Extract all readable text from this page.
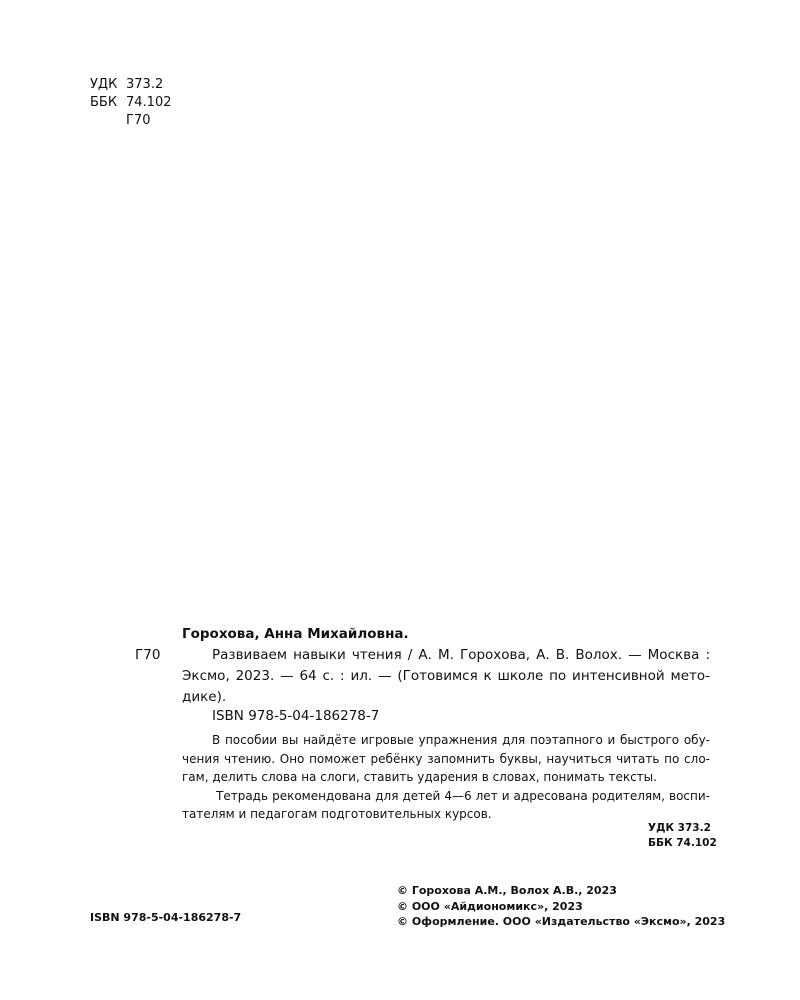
УДК 373.2
ББК 74.102
Г70
Горохова, Анна Михайловна.
Г70	Развиваем навыки чтения / А. М. Горохова, А. В. Волох. — Москва :
Эксмо, 2023. — 64 с. : ил. — (Готовимся к школе по интенсивной мето-
дике).
ISBN 978-5-04-186278-7
В пособии вы найдёте игровые упражнения для поэтапного и быстрого обу-
чения чтению. Оно поможет ребёнку запомнить буквы, научиться читать по сло-
гам, делить слова на слоги, ставить ударения в словах, понимать тексты.
Тетрадь рекомендована для детей 4—6 лет и адресована родителям, воспи-
тателям и педагогам подготовительных курсов.
УДК 373.2
ББК 74.102
ISBN 978-5-04-186278-7
© Горохова А.М., Волох А.В., 2023
© ООО «Айдиономикс», 2023
© Оформление. ООО «Издательство «Эксмо», 2023
